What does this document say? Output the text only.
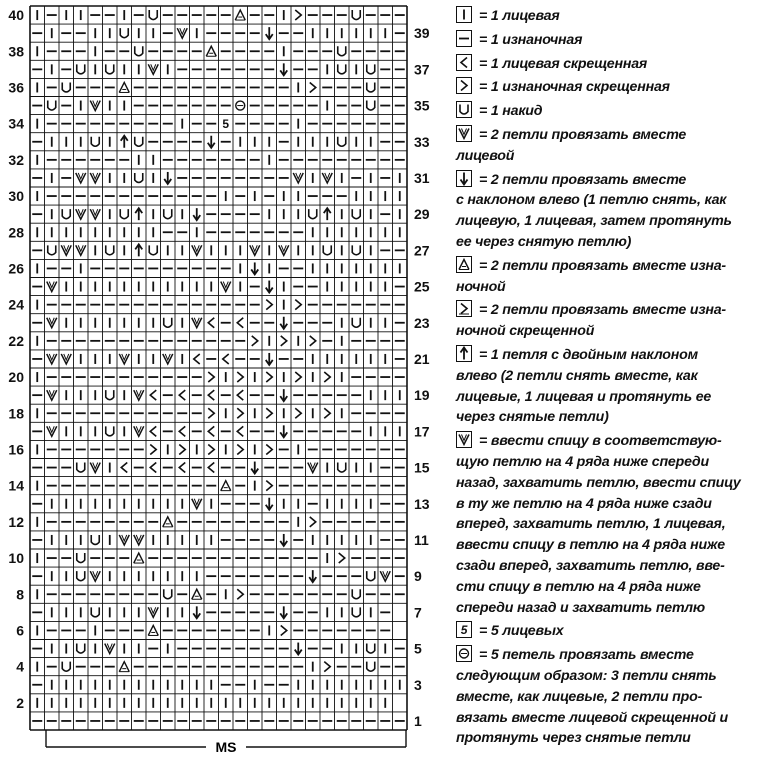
5
40
38
36
34
32
30
28
26
24
22
20
18
16
14
12
10
8
6
4
2
39
37
35
33
31
29
27
25
23
21
19
17
15
13
11
9
7
5
3
1
MS
= 1 лицевая
= 1 изнаночная
= 1 лицевая скрещенная
= 1 изнаночная скрещенная
= 1 накид
= 2 петли провязать вместе
лицевой
= 2 петли провязать вместе
с наклоном влево (1 петлю снять, как
лицевую, 1 лицевая, затем протянуть
ее через снятую петлю)
= 2 петли провязать вместе изна-
ночной
= 2 петли провязать вместе изна-
ночной скрещенной
= 1 петля с двойным наклоном
влево (2 петли снять вместе, как
лицевые, 1 лицевая и протянуть ее
через снятые петли)
= ввести спицу в соответствую-
щую петлю на 4 ряда ниже спереди
назад, захватить петлю, ввести спицу
в ту же петлю на 4 ряда ниже сзади
вперед, захватить петлю, 1 лицевая,
ввести спицу в петлю на 4 ряда ниже
сзади вперед, захватить петлю, вве-
сти спицу в петлю на 4 ряда ниже
спереди назад и захватить петлю
5 = 5 лицевых
= 5 петель провязать вместе
следующим образом: 3 петли снять
вместе, как лицевые, 2 петли про-
вязать вместе лицевой скрещенной и
протянуть через снятые петли
